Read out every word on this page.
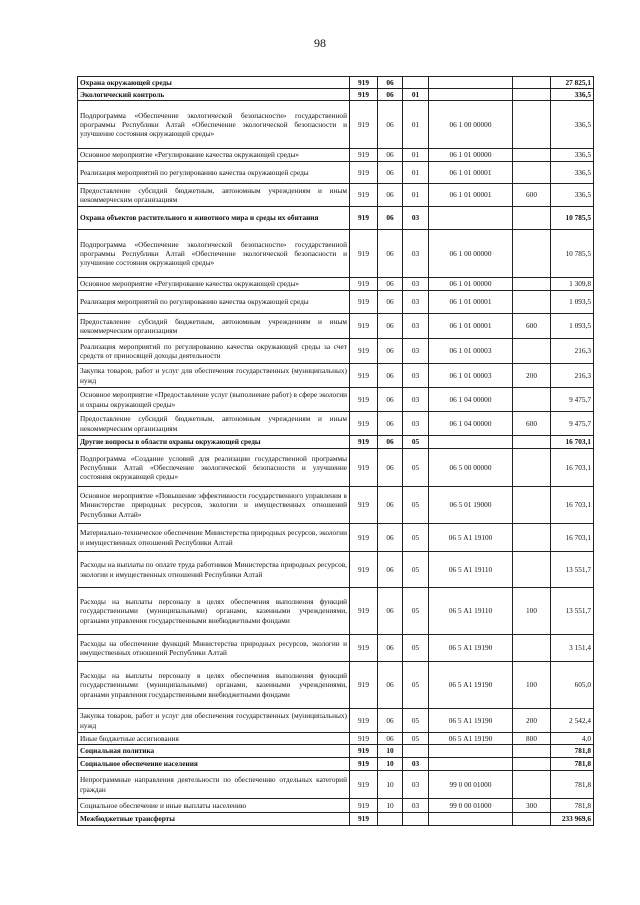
98
Охрана окружающей среды	919	06				27 825,1
Экологический контроль	919	06	01			336,5
Подпрограмма «Обеспечение экологической безопасности» государственной программы Республики Алтай «Обеспечение экологической безопасности и улучшение состояния окружающей среды»	919	06	01	06 1 00 00000		336,5
Основное мероприятие «Регулирование качества окружающей среды»	919	06	01	06 1 01 00000		336,5
Реализация мероприятий по регулированию качества окружающей среды	919	06	01	06 1 01 00001		336,5
Предоставление субсидий бюджетным, автономным учреждениям и иным некоммерческим организациям	919	06	01	06 1 01 00001	600	336,5
Охрана объектов растительного и животного мира и среды их обитания	919	06	03			10 785,5
Подпрограмма «Обеспечение экологической безопасности» государственной программы Республики Алтай «Обеспечение экологической безопасности и улучшение состояния окружающей среды»	919	06	03	06 1 00 00000		10 785,5
Основное мероприятие «Регулирование качества окружающей среды»	919	06	03	06 1 01 00000		1 309,8
Реализация мероприятий по регулированию качества окружающей среды	919	06	03	06 1 01 00001		1 093,5
Предоставление субсидий бюджетным, автономным учреждениям и иным некоммерческим организациям	919	06	03	06 1 01 00001	600	1 093,5
Реализация мероприятий по регулированию качества окружающей среды за счет средств от приносящей доходы деятельности	919	06	03	06 1 01 00003		216,3
Закупка товаров, работ и услуг для обеспечения государственных (муниципальных) нужд	919	06	03	06 1 01 00003	200	216,3
Основное мероприятие «Предоставление услуг (выполнение работ) в сфере экологии и охраны окружающей среды»	919	06	03	06 1 04 00000		9 475,7
Предоставление субсидий бюджетным, автономным учреждениям и иным некоммерческим организациям	919	06	03	06 1 04 00000	600	9 475,7
Другие вопросы в области охраны окружающей среды	919	06	05			16 703,1
Подпрограмма «Создание условий для реализации государственной программы Республики Алтай «Обеспечение экологической безопасности и улучшение состояния окружающей среды»	919	06	05	06 5 00 00000		16 703,1
Основное мероприятие «Повышение эффективности государственного управления в Министерстве природных ресурсов, экологии и имущественных отношений Республики Алтай»	919	06	05	06 5 01 19000		16 703,1
Материально-техническое обеспечение Министерства природных ресурсов, экологии и имущественных отношений Республики Алтай	919	06	05	06 5 А1 19100		16 703,1
Расходы на выплаты по оплате труда работников Министерства природных ресурсов, экологии и имущественных отношений Республики Алтай	919	06	05	06 5 А1 19110		13 551,7
Расходы на выплаты персоналу в целях обеспечения выполнения функций государственными (муниципальными) органами, казенными учреждениями, органами управления государственными внебюджетными фондами	919	06	05	06 5 А1 19110	100	13 551,7
Расходы на обеспечение функций Министерства природных ресурсов, экологии и имущественных отношений Республики Алтай	919	06	05	06 5 А1 19190		3 151,4
Расходы на выплаты персоналу в целях обеспечения выполнения функций государственными (муниципальными) органами, казенными учреждениями, органами управления государственными внебюджетными фондами	919	06	05	06 5 А1 19190	100	605,0
Закупка товаров, работ и услуг для обеспечения государственных (муниципальных) нужд	919	06	05	06 5 А1 19190	200	2 542,4
Иные бюджетные ассигнования	919	06	05	06 5 А1 19190	800	4,0
Социальная политика	919	10				781,8
Социальное обеспечение населения	919	10	03			781,8
Непрограммные направления деятельности по обеспечению отдельных категорий граждан	919	10	03	99 0 00 01000		781,8
Социальное обеспечение и иные выплаты населению	919	10	03	99 0 00 01000	300	781,8
Межбюджетные трансферты	919					233 969,6
